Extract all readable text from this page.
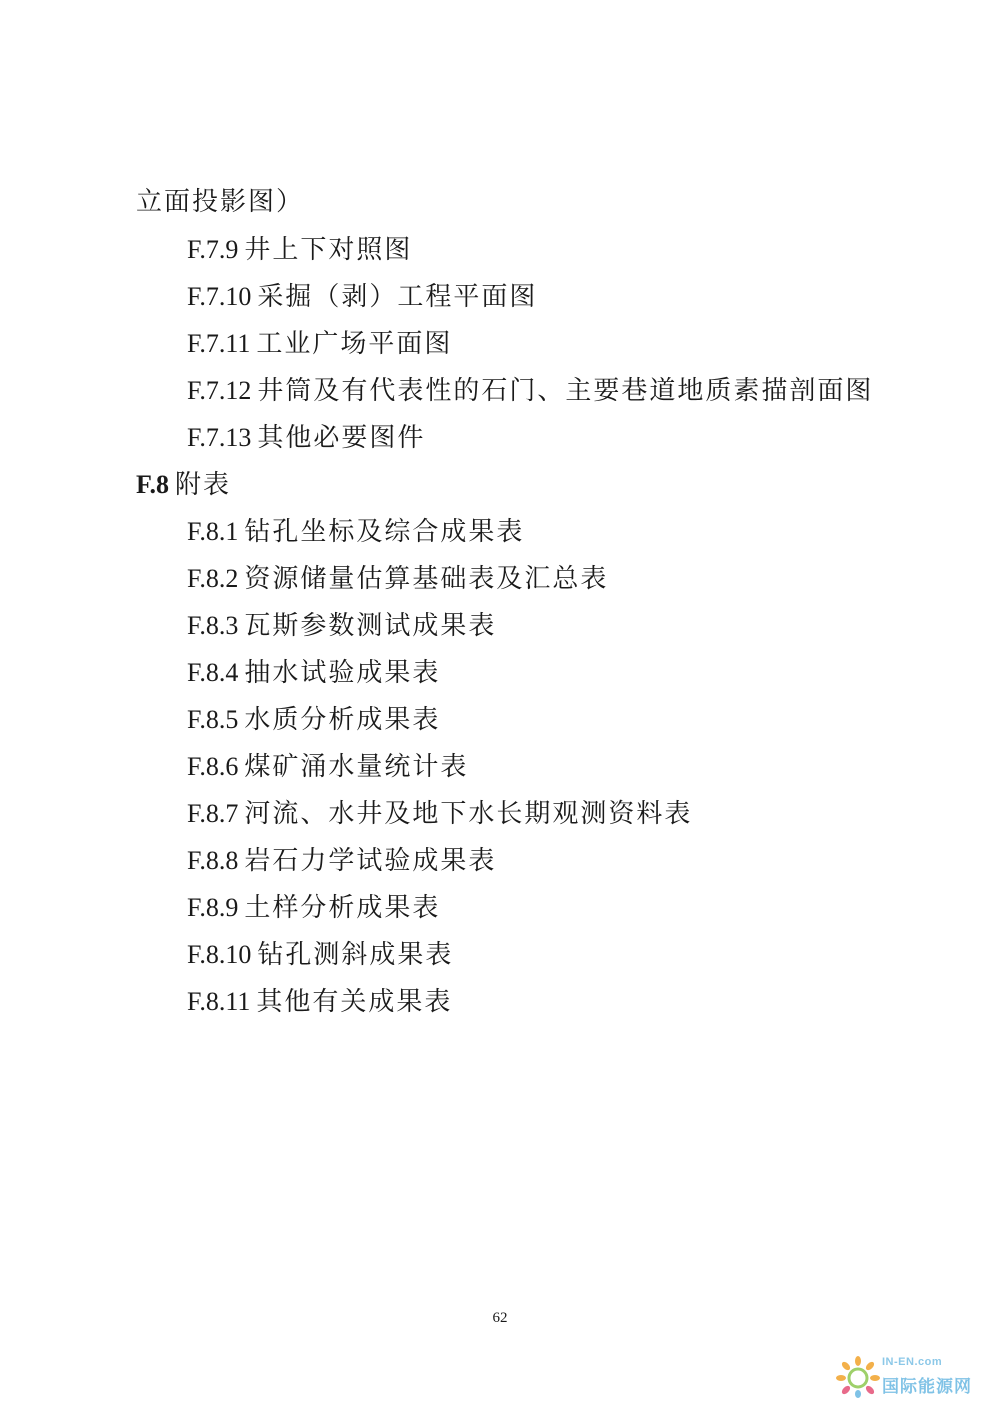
立面投影图）
F.7.9 井上下对照图
F.7.10 采掘（剥）工程平面图
F.7.11 工业广场平面图
F.7.12 井筒及有代表性的石门、主要巷道地质素描剖面图
F.7.13 其他必要图件
F.8 附表
F.8.1 钻孔坐标及综合成果表
F.8.2 资源储量估算基础表及汇总表
F.8.3 瓦斯参数测试成果表
F.8.4 抽水试验成果表
F.8.5 水质分析成果表
F.8.6 煤矿涌水量统计表
F.8.7 河流、水井及地下水长期观测资料表
F.8.8 岩石力学试验成果表
F.8.9 土样分析成果表
F.8.10 钻孔测斜成果表
F.8.11 其他有关成果表
62
IN-EN.com
国际能源网
